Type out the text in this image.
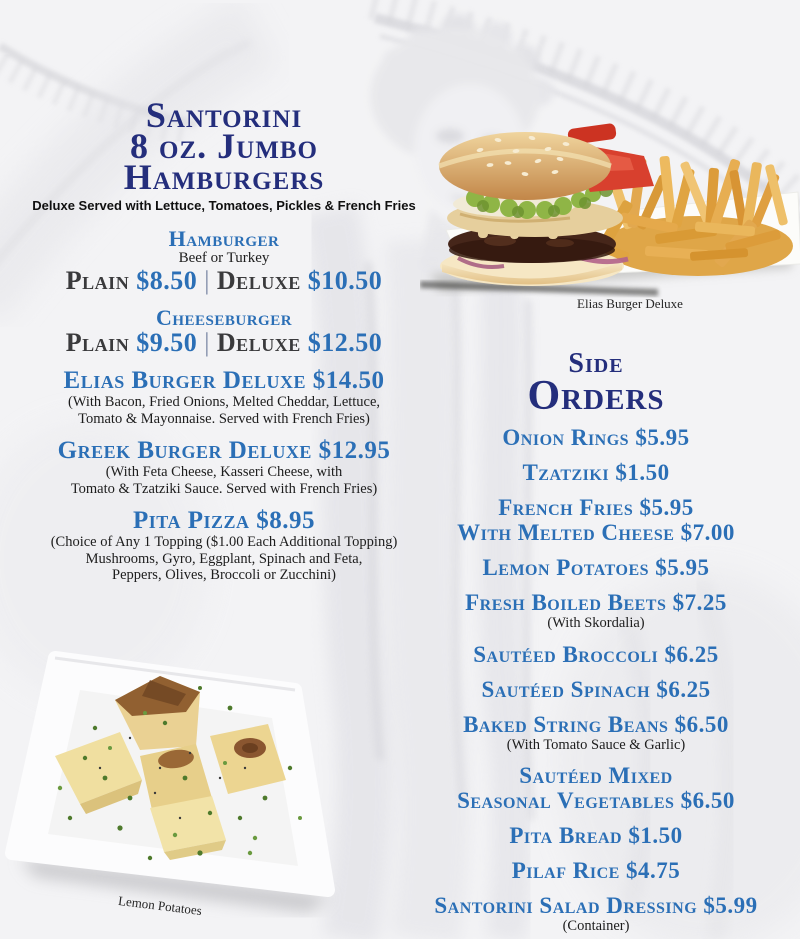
Elias Burger Deluxe
Lemon Potatoes
Santorini
8 oz. Jumbo
Hamburgers
Deluxe Served with Lettuce, Tomatoes, Pickles & French Fries
Hamburger
Beef or Turkey
Plain $8.50 | Deluxe $10.50
Cheeseburger
Plain $9.50 | Deluxe $12.50
Elias Burger Deluxe $14.50
(With Bacon, Fried Onions, Melted Cheddar, Lettuce,
Tomato & Mayonnaise. Served with French Fries)
Greek Burger Deluxe $12.95
(With Feta Cheese, Kasseri Cheese, with
Tomato & Tzatziki Sauce. Served with French Fries)
Pita Pizza $8.95
(Choice of Any 1 Topping ($1.00 Each Additional Topping)
Mushrooms, Gyro, Eggplant, Spinach and Feta,
Peppers, Olives, Broccoli or Zucchini)
Side
Orders
Onion Rings $5.95
Tzatziki $1.50
French Fries $5.95
With Melted Cheese $7.00
Lemon Potatoes $5.95
Fresh Boiled Beets $7.25
(With Skordalia)
Sautéed Broccoli $6.25
Sautéed Spinach $6.25
Baked String Beans $6.50
(With Tomato Sauce & Garlic)
Sautéed Mixed
Seasonal Vegetables $6.50
Pita Bread $1.50
Pilaf Rice $4.75
Santorini Salad Dressing $5.99
(Container)
